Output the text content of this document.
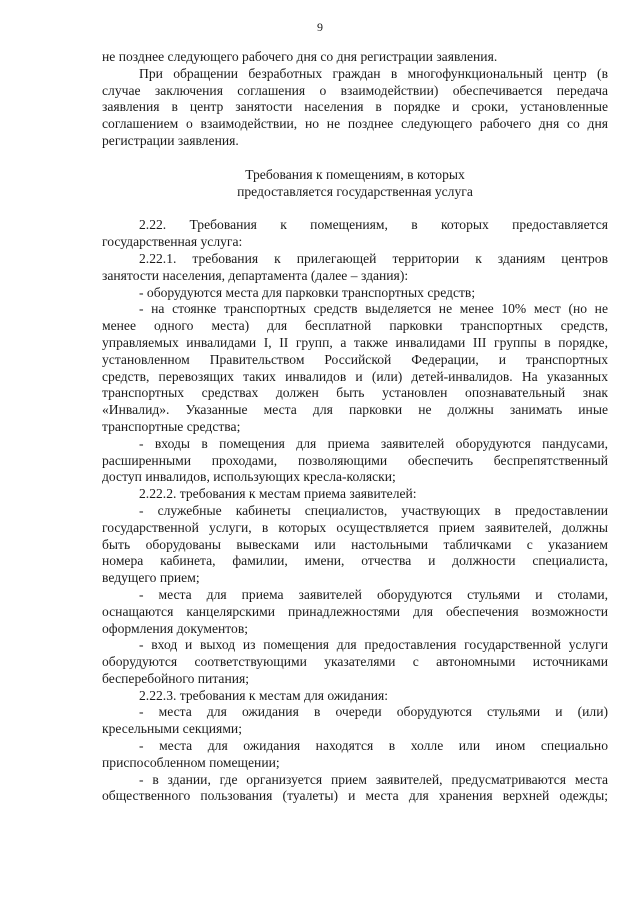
9
не позднее следующего рабочего дня со дня регистрации заявления.
При обращении безработных граждан в многофункциональный центр (в
случае заключения соглашения о взаимодействии) обеспечивается передача
заявления в центр занятости населения в порядке и сроки, установленные
соглашением о взаимодействии, но не позднее следующего рабочего дня со дня
регистрации заявления.
Требования к помещениям, в которых
предоставляется государственная услуга
2.22. Требования к помещениям, в которых предоставляется
государственная услуга:
2.22.1. требования к прилегающей территории к зданиям центров
занятости населения, департамента (далее – здания):
- оборудуются места для парковки транспортных средств;
- на стоянке транспортных средств выделяется не менее 10% мест (но не
менее одного места) для бесплатной парковки транспортных средств,
управляемых инвалидами I, II групп, а также инвалидами III группы в порядке,
установленном Правительством Российской Федерации, и транспортных
средств, перевозящих таких инвалидов и (или) детей-инвалидов. На указанных
транспортных средствах должен быть установлен опознавательный знак
«Инвалид». Указанные места для парковки не должны занимать иные
транспортные средства;
- входы в помещения для приема заявителей оборудуются пандусами,
расширенными проходами, позволяющими обеспечить беспрепятственный
доступ инвалидов, использующих кресла-коляски;
2.22.2. требования к местам приема заявителей:
- служебные кабинеты специалистов, участвующих в предоставлении
государственной услуги, в которых осуществляется прием заявителей, должны
быть оборудованы вывесками или настольными табличками с указанием
номера кабинета, фамилии, имени, отчества и должности специалиста,
ведущего прием;
- места для приема заявителей оборудуются стульями и столами,
оснащаются канцелярскими принадлежностями для обеспечения возможности
оформления документов;
- вход и выход из помещения для предоставления государственной услуги
оборудуются соответствующими указателями с автономными источниками
бесперебойного питания;
2.22.3. требования к местам для ожидания:
- места для ожидания в очереди оборудуются стульями и (или)
кресельными секциями;
- места для ожидания находятся в холле или ином специально
приспособленном помещении;
- в здании, где организуется прием заявителей, предусматриваются места
общественного пользования (туалеты) и места для хранения верхней одежды;
